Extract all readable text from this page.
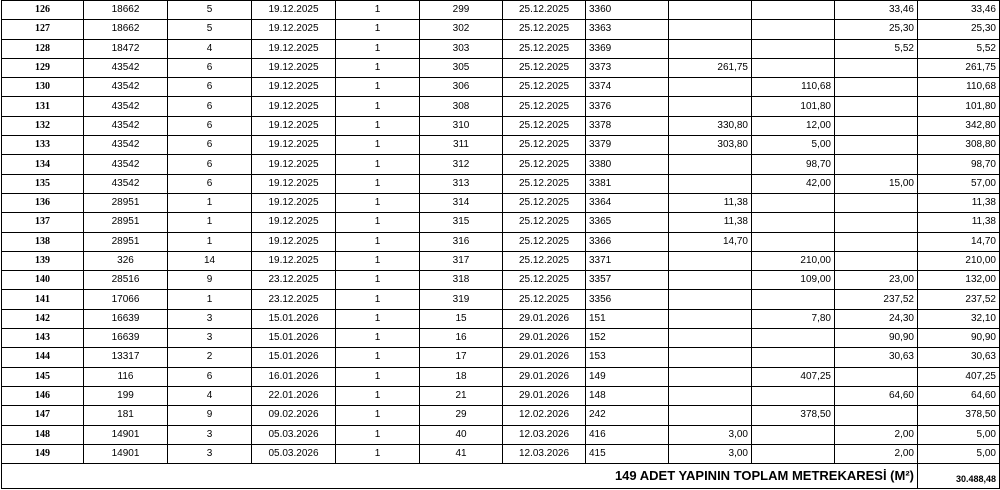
126	18662	5	19.12.2025	1	299	25.12.2025	3360			33,46	33,46
127	18662	5	19.12.2025	1	302	25.12.2025	3363			25,30	25,30
128	18472	4	19.12.2025	1	303	25.12.2025	3369			5,52	5,52
129	43542	6	19.12.2025	1	305	25.12.2025	3373	261,75			261,75
130	43542	6	19.12.2025	1	306	25.12.2025	3374		110,68		110,68
131	43542	6	19.12.2025	1	308	25.12.2025	3376		101,80		101,80
132	43542	6	19.12.2025	1	310	25.12.2025	3378	330,80	12,00		342,80
133	43542	6	19.12.2025	1	311	25.12.2025	3379	303,80	5,00		308,80
134	43542	6	19.12.2025	1	312	25.12.2025	3380		98,70		98,70
135	43542	6	19.12.2025	1	313	25.12.2025	3381		42,00	15,00	57,00
136	28951	1	19.12.2025	1	314	25.12.2025	3364	11,38			11,38
137	28951	1	19.12.2025	1	315	25.12.2025	3365	11,38			11,38
138	28951	1	19.12.2025	1	316	25.12.2025	3366	14,70			14,70
139	326	14	19.12.2025	1	317	25.12.2025	3371		210,00		210,00
140	28516	9	23.12.2025	1	318	25.12.2025	3357		109,00	23,00	132,00
141	17066	1	23.12.2025	1	319	25.12.2025	3356			237,52	237,52
142	16639	3	15.01.2026	1	15	29.01.2026	151		7,80	24,30	32,10
143	16639	3	15.01.2026	1	16	29.01.2026	152			90,90	90,90
144	13317	2	15.01.2026	1	17	29.01.2026	153			30,63	30,63
145	116	6	16.01.2026	1	18	29.01.2026	149		407,25		407,25
146	199	4	22.01.2026	1	21	29.01.2026	148			64,60	64,60
147	181	9	09.02.2026	1	29	12.02.2026	242		378,50		378,50
148	14901	3	05.03.2026	1	40	12.03.2026	416	3,00		2,00	5,00
149	14901	3	05.03.2026	1	41	12.03.2026	415	3,00		2,00	5,00
149 ADET YAPININ TOPLAM METREKARESİ (M²)											30.488,48
